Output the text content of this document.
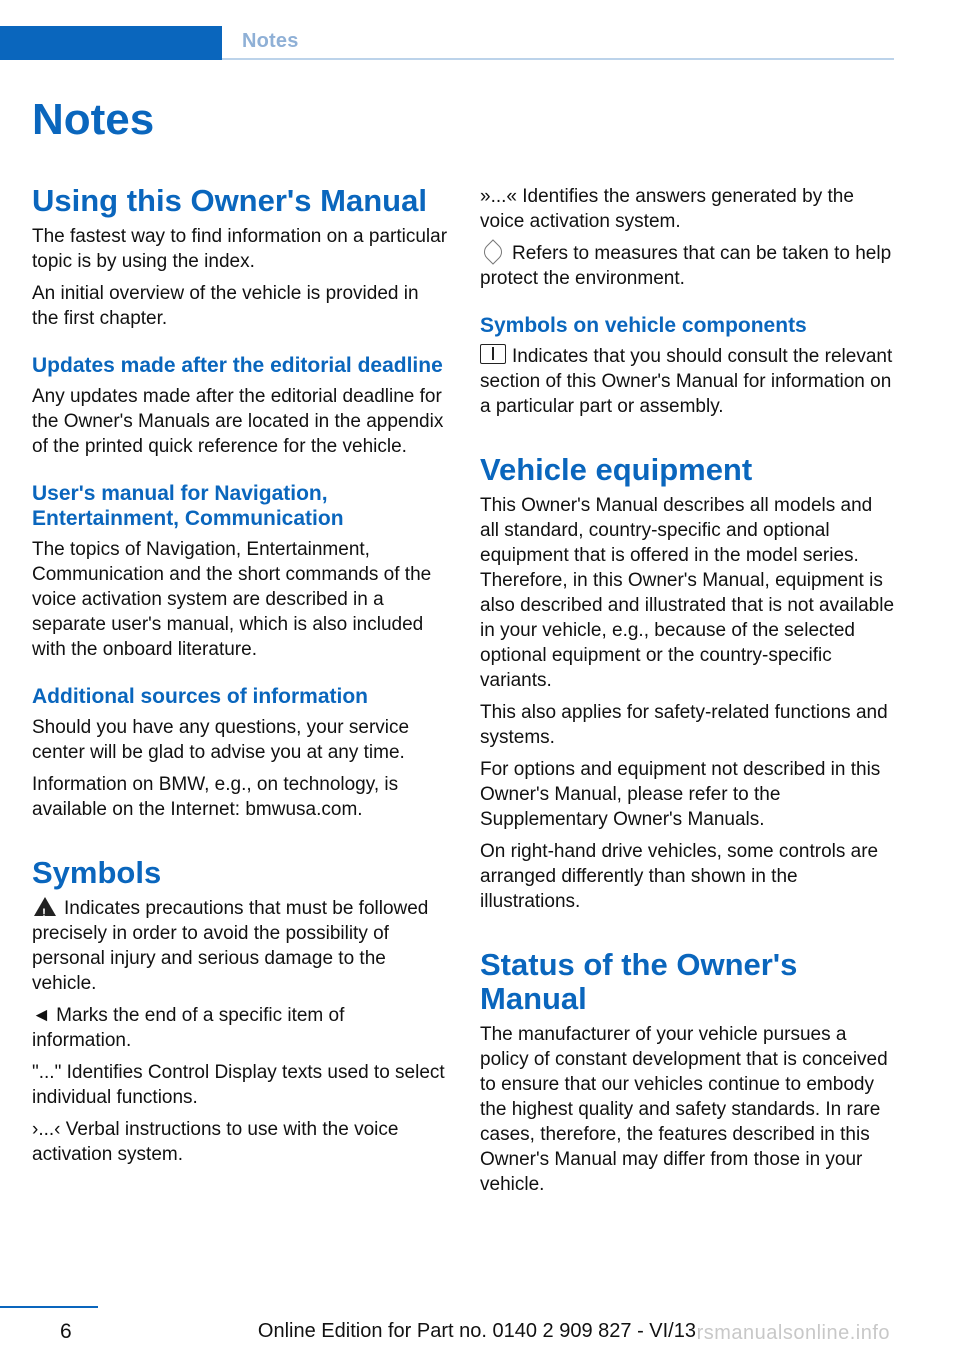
Notes
Notes
Using this Owner's Manual

The fastest way to find information on a particular topic is by using the index.

An initial overview of the vehicle is provided in the first chapter.

Updates made after the editorial deadline

Any updates made after the editorial deadline for the Owner's Manuals are located in the appendix of the printed quick reference for the vehicle.

User's manual for Navigation, Entertainment, Communication

The topics of Navigation, Entertainment, Communication and the short commands of the voice activation system are described in a separate user's manual, which is also included with the onboard literature.

Additional sources of information

Should you have any questions, your service center will be glad to advise you at any time.

Information on BMW, e.g., on technology, is available on the Internet: bmwusa.com.

Symbols

!Indicates precautions that must be followed precisely in order to avoid the possibility of personal injury and serious damage to the vehicle.

◄ Marks the end of a specific item of information.

"..." Identifies Control Display texts used to select individual functions.

›...‹ Verbal instructions to use with the voice activation system.

»...« Identifies the answers generated by the voice activation system.

Refers to measures that can be taken to help protect the environment.

Symbols on vehicle components

Indicates that you should consult the relevant section of this Owner's Manual for information on a particular part or assembly.

Vehicle equipment

This Owner's Manual describes all models and all standard, country-specific and optional equipment that is offered in the model series. Therefore, in this Owner's Manual, equipment is also described and illustrated that is not available in your vehicle, e.g., because of the selected optional equipment or the country-specific variants.

This also applies for safety-related functions and systems.

For options and equipment not described in this Owner's Manual, please refer to the Supplementary Owner's Manuals.

On right-hand drive vehicles, some controls are arranged differently than shown in the illustrations.

Status of the Owner's Manual

The manufacturer of your vehicle pursues a policy of constant development that is conceived to ensure that our vehicles continue to embody the highest quality and safety standards. In rare cases, therefore, the features described in this Owner's Manual may differ from those in your vehicle.

6	Online Edition for Part no. 0140 2 909 827 - VI/13 rsmanualsonline.info
